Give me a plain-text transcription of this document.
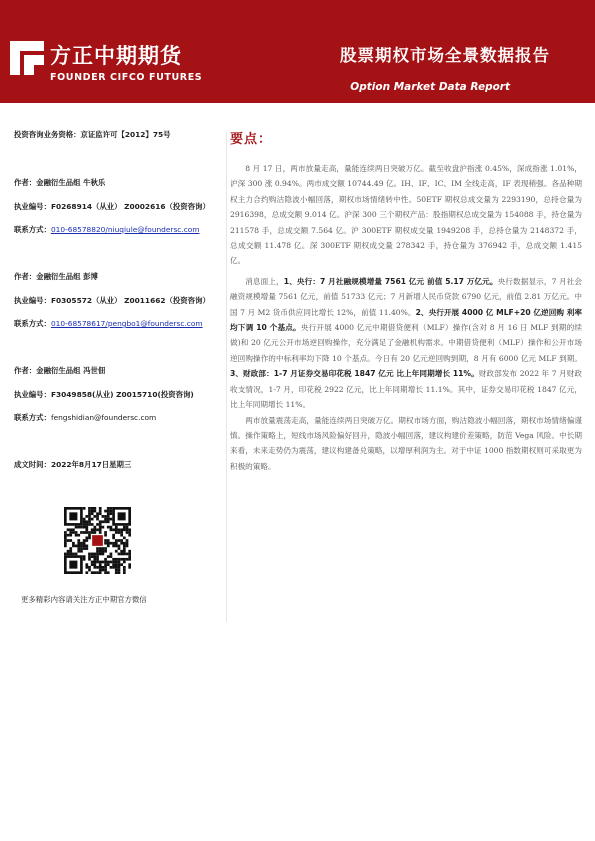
方正中期期货
FOUNDER CIFCO FUTURES
股票期权市场全景数据报告
Option Market Data Report
投资咨询业务资格：京证监许可【2012】75号
作者：金融衍生品组 牛秋乐
执业编号：F0268914（从业） Z0002616（投资咨询）
联系方式：010-68578820/niuqiule@foundersc.com
作者：金融衍生品组 彭博
执业编号：F0305572（从业） Z0011662（投资咨询）
联系方式：010-68578617/pengbo1@foundersc.com
作者：金融衍生品组 冯世佃
执业编号：F3049858(从业) Z0015710(投资咨询)
联系方式：fengshidian@foundersc.com
成文时间：2022年8月17日星期三
更多精彩内容请关注方正中期官方微信
要点：

8 月 17 日，两市放量走高，量能连续两日突破万亿。截至收盘沪指涨 0.45%，深成指涨 1.01%，沪深 300 涨 0.94%。两市成交额 10744.49 亿。IH、IF、IC、IM 全线走高，IF 表现稍强。各品种期权主力合约购沽隐波小幅回落，期权市场情绪转中性。50ETF 期权总成交量为 2293190，总持仓量为 2916398，总成交额 9.014 亿。沪深 300 三个期权产品：股指期权总成交量为 154088 手，持仓量为 211578 手，总成交额 7.564 亿。沪 300ETF 期权成交量 1949208 手，总持仓量为 2148372 手，总成交额 11.478 亿。深 300ETF 期权成交量 278342 手，持仓量为 376942 手，总成交额 1.415 亿。

消息面上，1、央行：7 月社融规模增量 7561 亿元 前值 5.17 万亿元。央行数据显示，7 月社会融资规模增量 7561 亿元，前值 51733 亿元；7 月新增人民币贷款 6790 亿元，前值 2.81 万亿元。中国 7 月 M2 货币供应同比增长 12%，前值 11.40%。2、央行开展 4000 亿 MLF+20 亿逆回购 利率均下调 10 个基点。央行开展 4000 亿元中期借贷便利（MLF）操作(含对 8 月 16 日 MLF 到期的续做)和 20 亿元公开市场逆回购操作，充分满足了金融机构需求。中期借贷便利（MLF）操作和公开市场逆回购操作的中标利率均下降 10 个基点。今日有 20 亿元逆回购到期，8 月有 6000 亿元 MLF 到期。3、财政部：1-7 月证券交易印花税 1847 亿元 比上年同期增长 11%。财政部发布 2022 年 7 月财政收支情况，1-7 月，印花税 2922 亿元，比上年同期增长 11.1%。其中，证券交易印花税 1847 亿元，比上年同期增长 11%。

两市放量震荡走高，量能连续两日突破万亿。期权市场方面，购沽隐波小幅回落，期权市场情绪偏谨慎。操作策略上，短线市场风险偏好回升，隐波小幅回落，建议构建价差策略，防范 Vega 风险。中长期来看，未来走势仍为震荡，建议构建备兑策略，以增厚利润为主。对于中证 1000 指数期权则可采取更为积极的策略。
